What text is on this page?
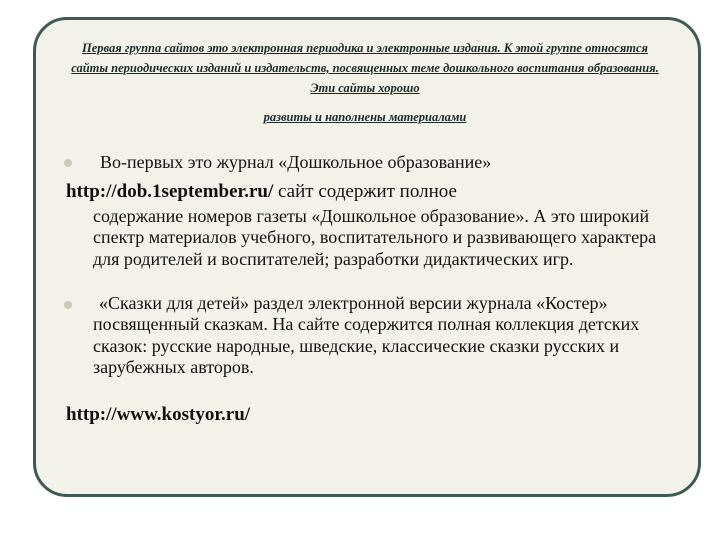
Первая группа сайтов это электронная периодика и электронные издания. К этой группе относятся сайты периодических изданий и издательств, посвященных теме дошкольного воспитания образования. Эти сайты хорошо
развиты и наполнены материалами
Во-первых это журнал «Дошкольное образование»
http://dob.1september.ru/ сайт содержит полное
содержание номеров газеты «Дошкольное образование». А это широкий спектр материалов учебного, воспитательного и развивающего характера для родителей и воспитателей; разработки дидактических игр.
«Сказки для детей» раздел электронной версии журнала «Костер» посвященный сказкам. На сайте содержится полная коллекция детских сказок: русские народные, шведские, классические сказки русских и зарубежных авторов.
http://www.kostyor.ru/
